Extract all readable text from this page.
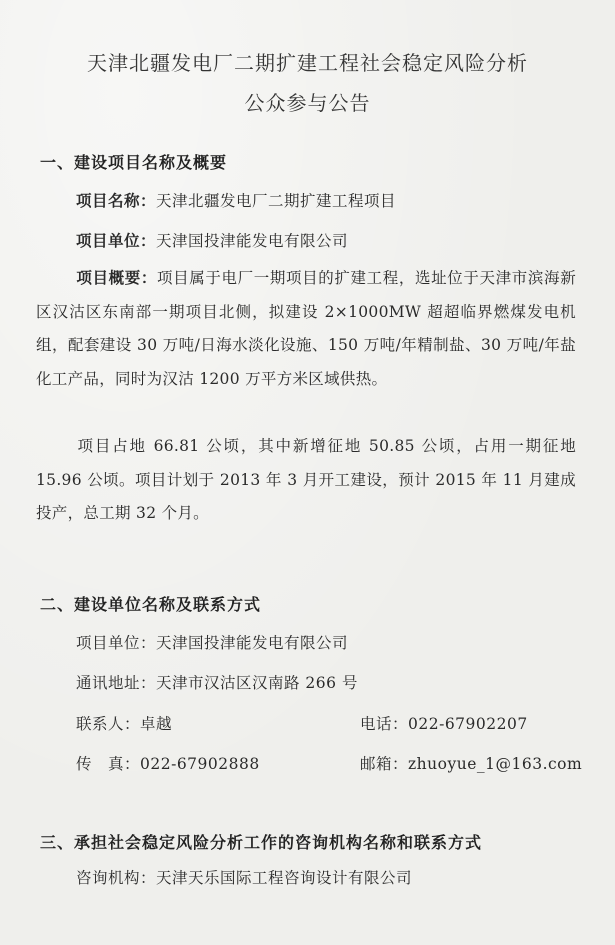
天津北疆发电厂二期扩建工程社会稳定风险分析
公众参与公告
一、建设项目名称及概要
项目名称：天津北疆发电厂二期扩建工程项目
项目单位：天津国投津能发电有限公司
项目概要：项目属于电厂一期项目的扩建工程，选址位于天津市滨海新区汉沽区东南部一期项目北侧，拟建设 2×1000MW 超超临界燃煤发电机组，配套建设 30 万吨/日海水淡化设施、150 万吨/年精制盐、30 万吨/年盐化工产品，同时为汉沽 1200 万平方米区域供热。
项目占地 66.81 公顷，其中新增征地 50.85 公顷，占用一期征地 15.96 公顷。项目计划于 2013 年 3 月开工建设，预计 2015 年 11 月建成投产，总工期 32 个月。
二、建设单位名称及联系方式
项目单位：天津国投津能发电有限公司
通讯地址：天津市汉沽区汉南路 266 号
联系人：卓越	电话：022-67902207
传　真：022-67902888	邮箱：zhuoyue_1@163.com
三、承担社会稳定风险分析工作的咨询机构名称和联系方式
咨询机构：天津天乐国际工程咨询设计有限公司
